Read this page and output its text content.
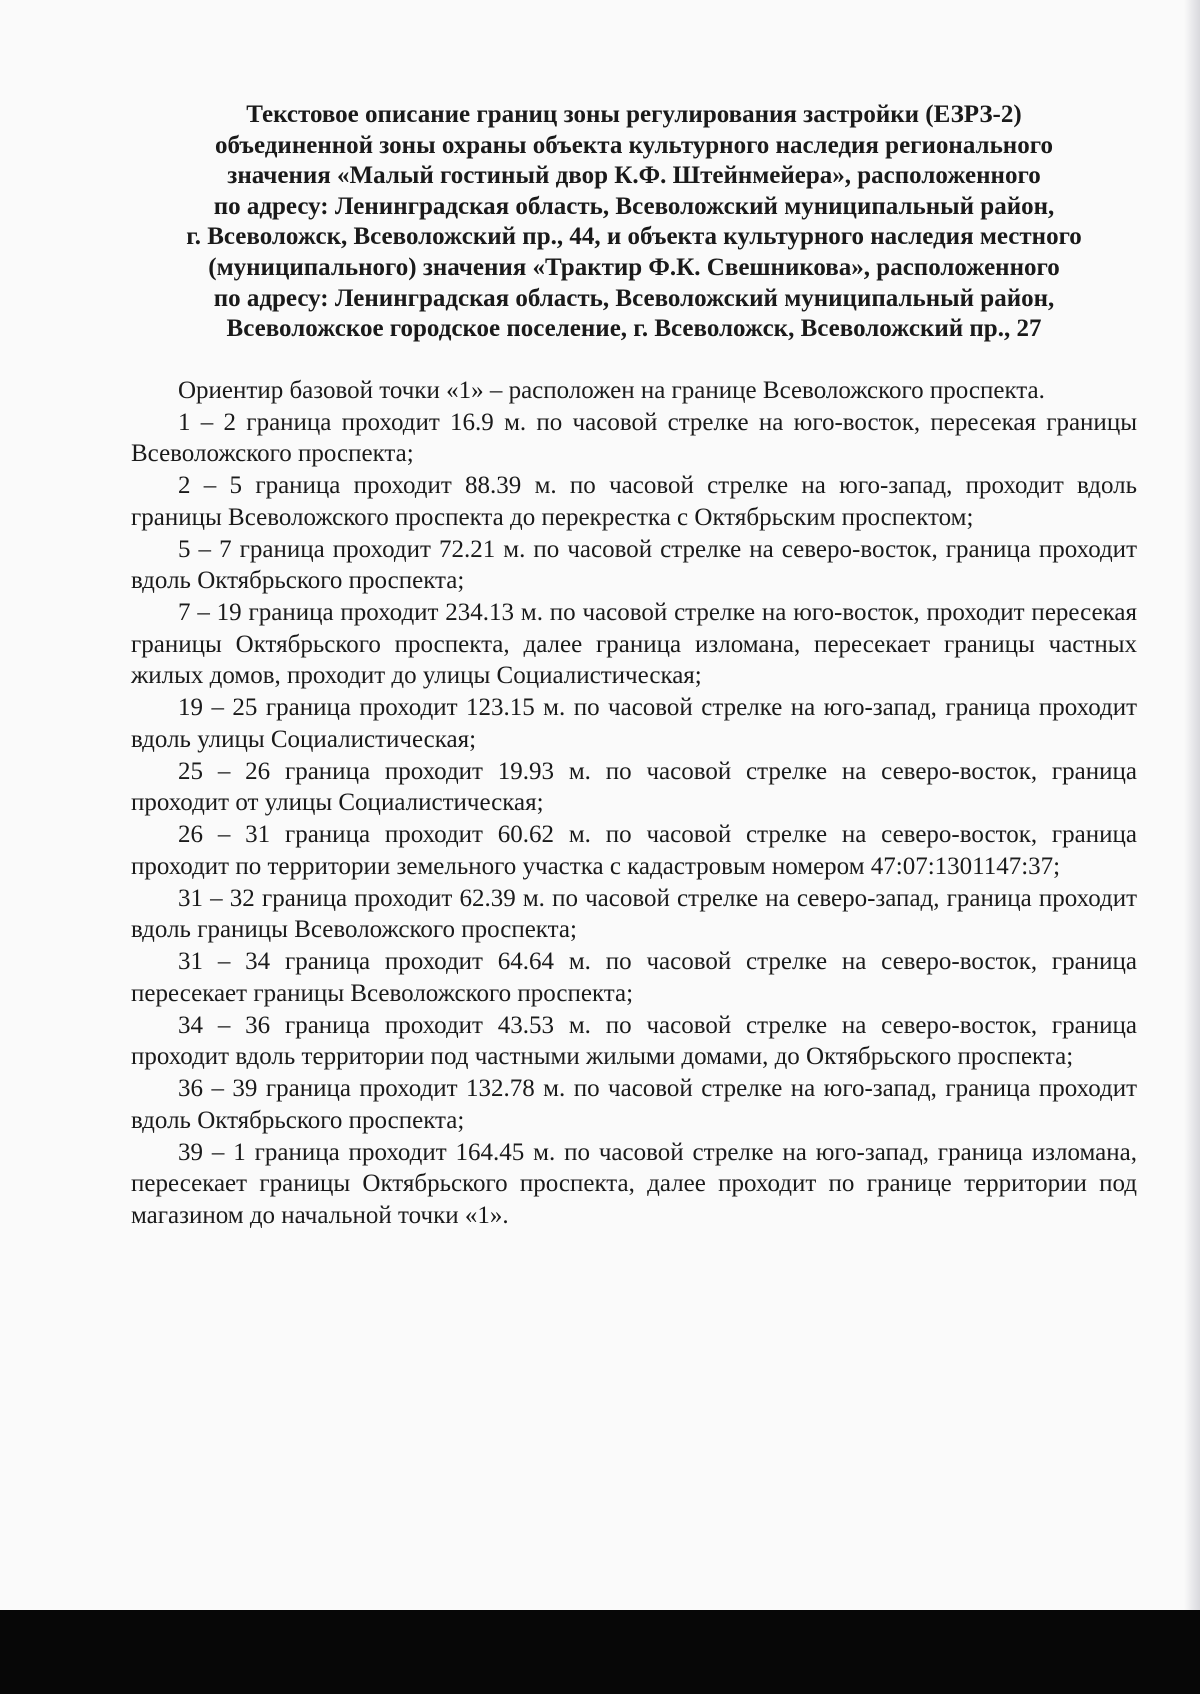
Текстовое описание границ зоны регулирования застройки (ЕЗРЗ-2)
объединенной зоны охраны объекта культурного наследия регионального
значения «Малый гостиный двор К.Ф. Штейнмейера», расположенного
по адресу: Ленинградская область, Всеволожский муниципальный район,
г. Всеволожск, Всеволожский пр., 44, и объекта культурного наследия местного
(муниципального) значения «Трактир Ф.К. Свешникова», расположенного
по адресу: Ленинградская область, Всеволожский муниципальный район,
Всеволожское городское поселение, г. Всеволожск, Всеволожский пр., 27

Ориентир базовой точки «1» – расположен на границе Всеволожского проспекта.

1 – 2 граница проходит 16.9 м. по часовой стрелке на юго-восток, пересекая границы Всеволожского проспекта;

2 – 5 граница проходит 88.39 м. по часовой стрелке на юго-запад, проходит вдоль границы Всеволожского проспекта до перекрестка с Октябрьским проспектом;

5 – 7 граница проходит 72.21 м. по часовой стрелке на северо-восток, граница проходит вдоль Октябрьского проспекта;

7 – 19 граница проходит 234.13 м. по часовой стрелке на юго-восток, проходит пересекая границы Октябрьского проспекта, далее граница изломана, пересекает границы частных жилых домов, проходит до улицы Социалистическая;

19 – 25 граница проходит 123.15 м. по часовой стрелке на юго-запад, граница проходит вдоль улицы Социалистическая;

25 – 26 граница проходит 19.93 м. по часовой стрелке на северо-восток, граница проходит от улицы Социалистическая;

26 – 31 граница проходит 60.62 м. по часовой стрелке на северо-восток, граница проходит по территории земельного участка с кадастровым номером 47:07:1301147:37;

31 – 32 граница проходит 62.39 м. по часовой стрелке на северо-запад, граница проходит вдоль границы Всеволожского проспекта;

31 – 34 граница проходит 64.64 м. по часовой стрелке на северо-восток, граница пересекает границы Всеволожского проспекта;

34 – 36 граница проходит 43.53 м. по часовой стрелке на северо-восток, граница проходит вдоль территории под частными жилыми домами, до Октябрьского проспекта;

36 – 39 граница проходит 132.78 м. по часовой стрелке на юго-запад, граница проходит вдоль Октябрьского проспекта;

39 – 1 граница проходит 164.45 м. по часовой стрелке на юго-запад, граница изломана, пересекает границы Октябрьского проспекта, далее проходит по границе территории под магазином до начальной точки «1».
